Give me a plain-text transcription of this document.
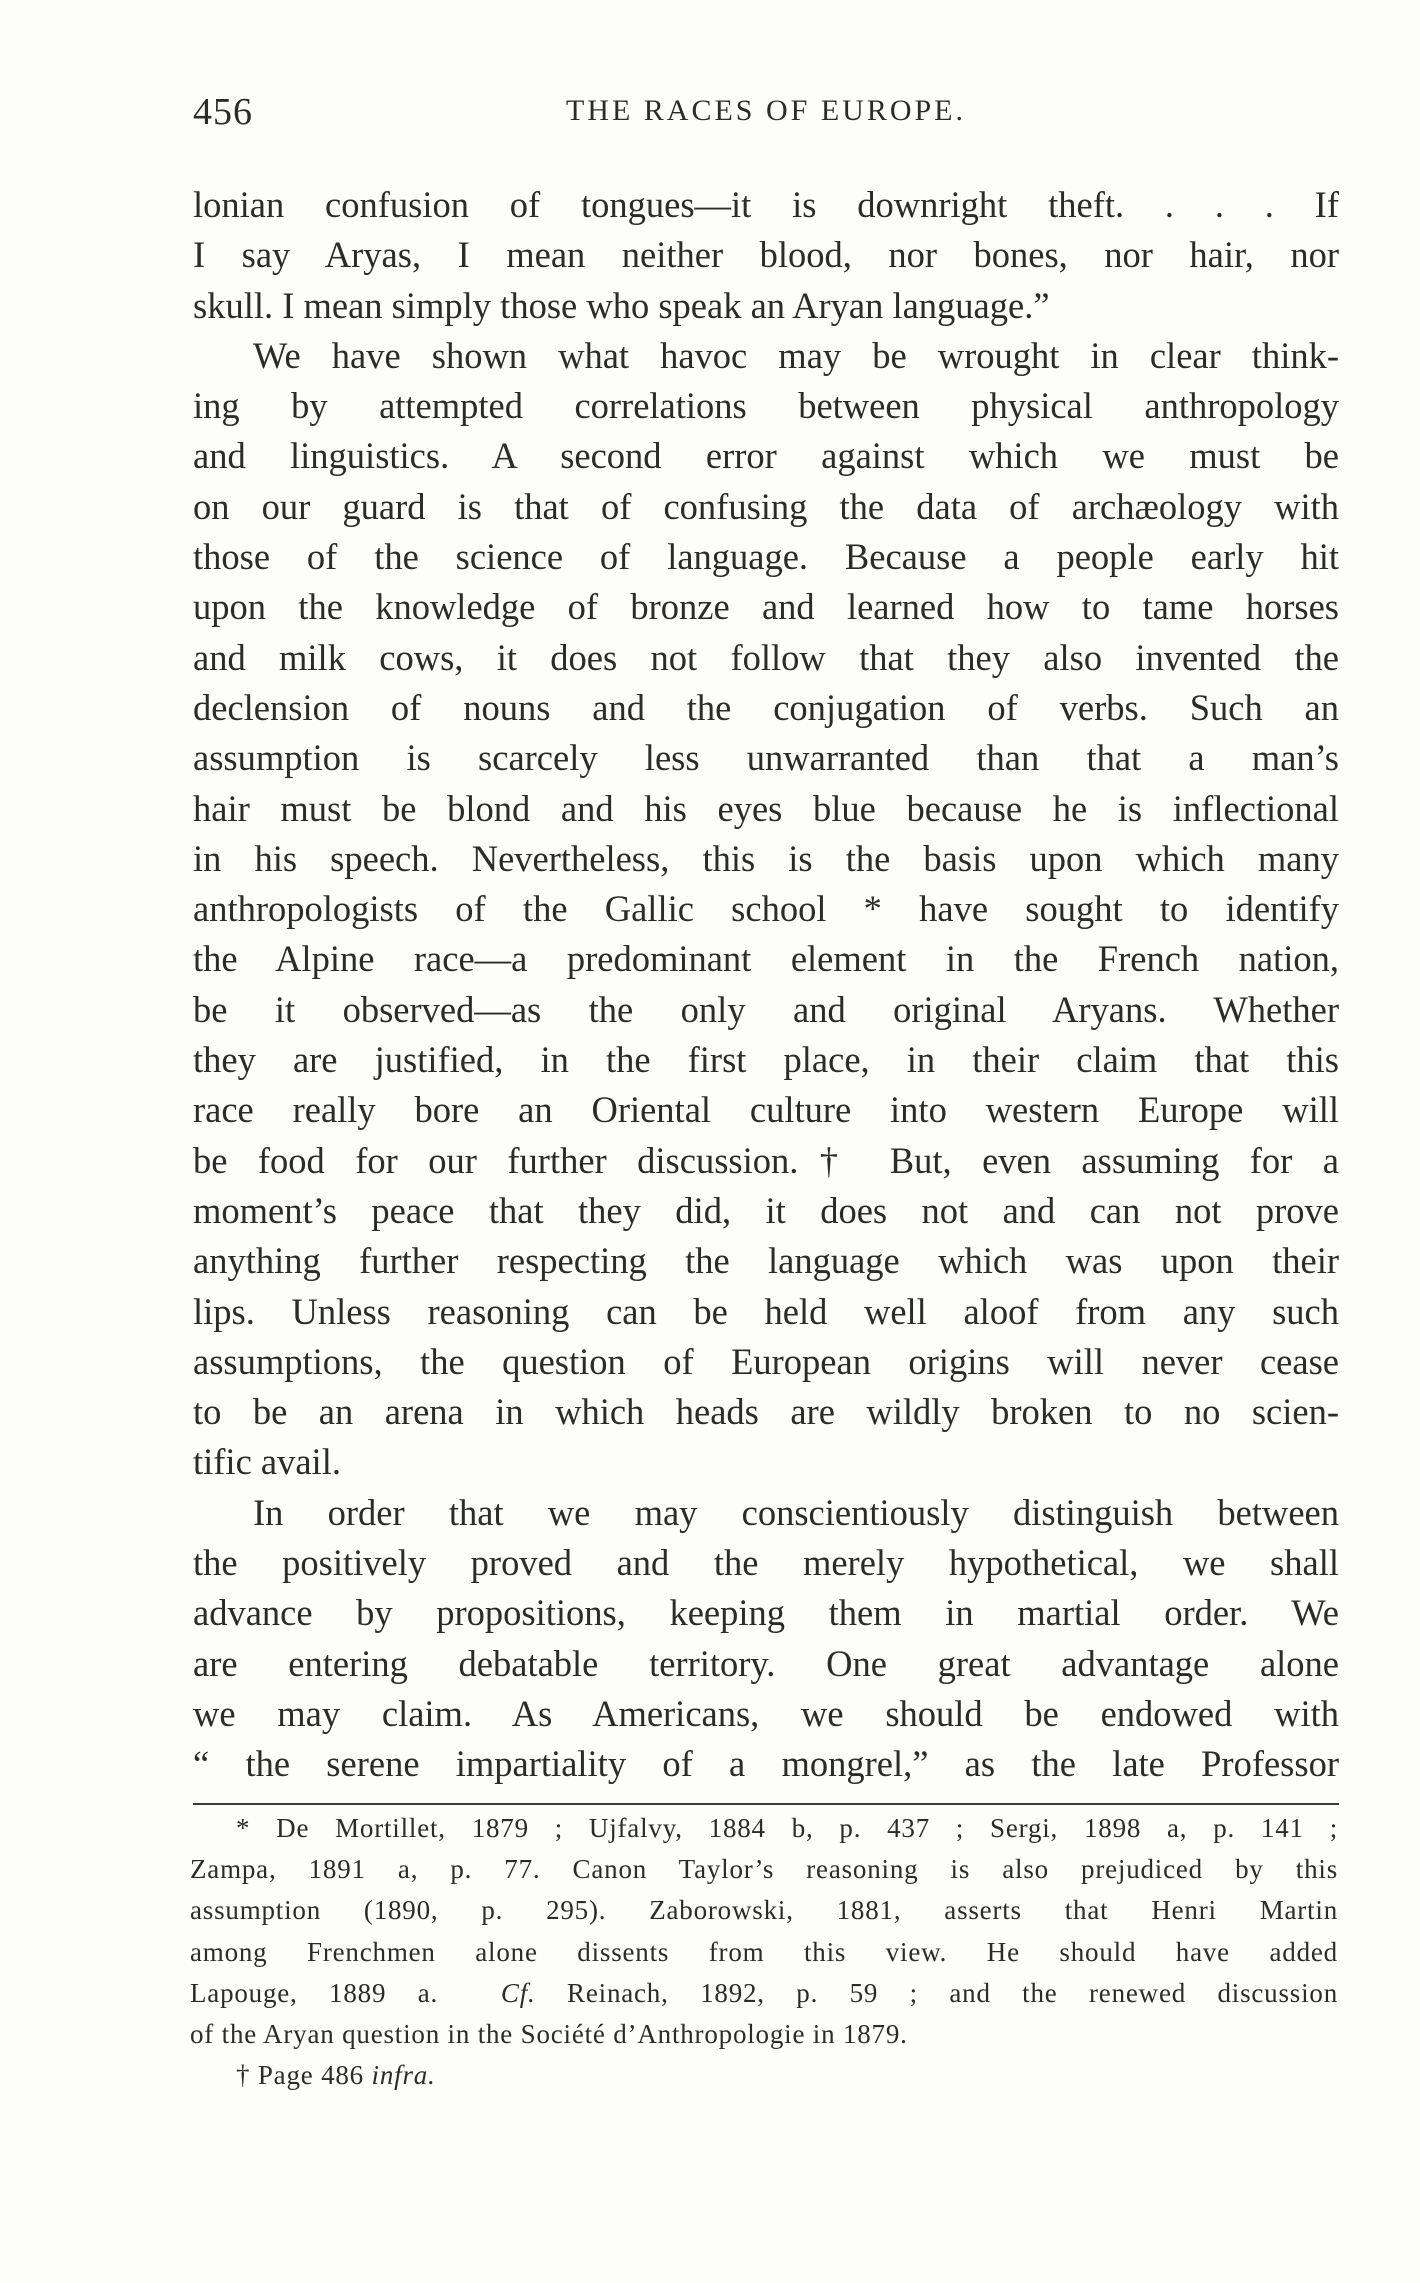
456	THE RACES OF EUROPE.
lonian confusion of tongues—it is downright theft. . . . If
I say Aryas, I mean neither blood, nor bones, nor hair, nor
skull. I mean simply those who speak an Aryan language.”
We have shown what havoc may be wrought in clear think-
ing by attempted correlations between physical anthropology
and linguistics. A second error against which we must be
on our guard is that of confusing the data of archæology with
those of the science of language. Because a people early hit
upon the knowledge of bronze and learned how to tame horses
and milk cows, it does not follow that they also invented the
declension of nouns and the conjugation of verbs. Such an
assumption is scarcely less unwarranted than that a man’s
hair must be blond and his eyes blue because he is inflectional
in his speech. Nevertheless, this is the basis upon which many
anthropologists of the Gallic school * have sought to identify
the Alpine race—a predominant element in the French nation,
be it observed—as the only and original Aryans. Whether
they are justified, in the first place, in their claim that this
race really bore an Oriental culture into western Europe will
be food for our further discussion.† But, even assuming for a
moment’s peace that they did, it does not and can not prove
anything further respecting the language which was upon their
lips. Unless reasoning can be held well aloof from any such
assumptions, the question of European origins will never cease
to be an arena in which heads are wildly broken to no scien-
tific avail.
In order that we may conscientiously distinguish between
the positively proved and the merely hypothetical, we shall
advance by propositions, keeping them in martial order. We
are entering debatable territory. One great advantage alone
we may claim. As Americans, we should be endowed with
“ the serene impartiality of a mongrel,” as the late Professor
* De Mortillet, 1879 ; Ujfalvy, 1884 b, p. 437 ; Sergi, 1898 a, p. 141 ;
Zampa, 1891 a, p. 77. Canon Taylor’s reasoning is also prejudiced by this
assumption (1890, p. 295). Zaborowski, 1881, asserts that Henri Martin
among Frenchmen alone dissents from this view. He should have added
Lapouge, 1889 a. Cf. Reinach, 1892, p. 59 ; and the renewed discussion
of the Aryan question in the Société d’Anthropologie in 1879.
† Page 486 infra.
